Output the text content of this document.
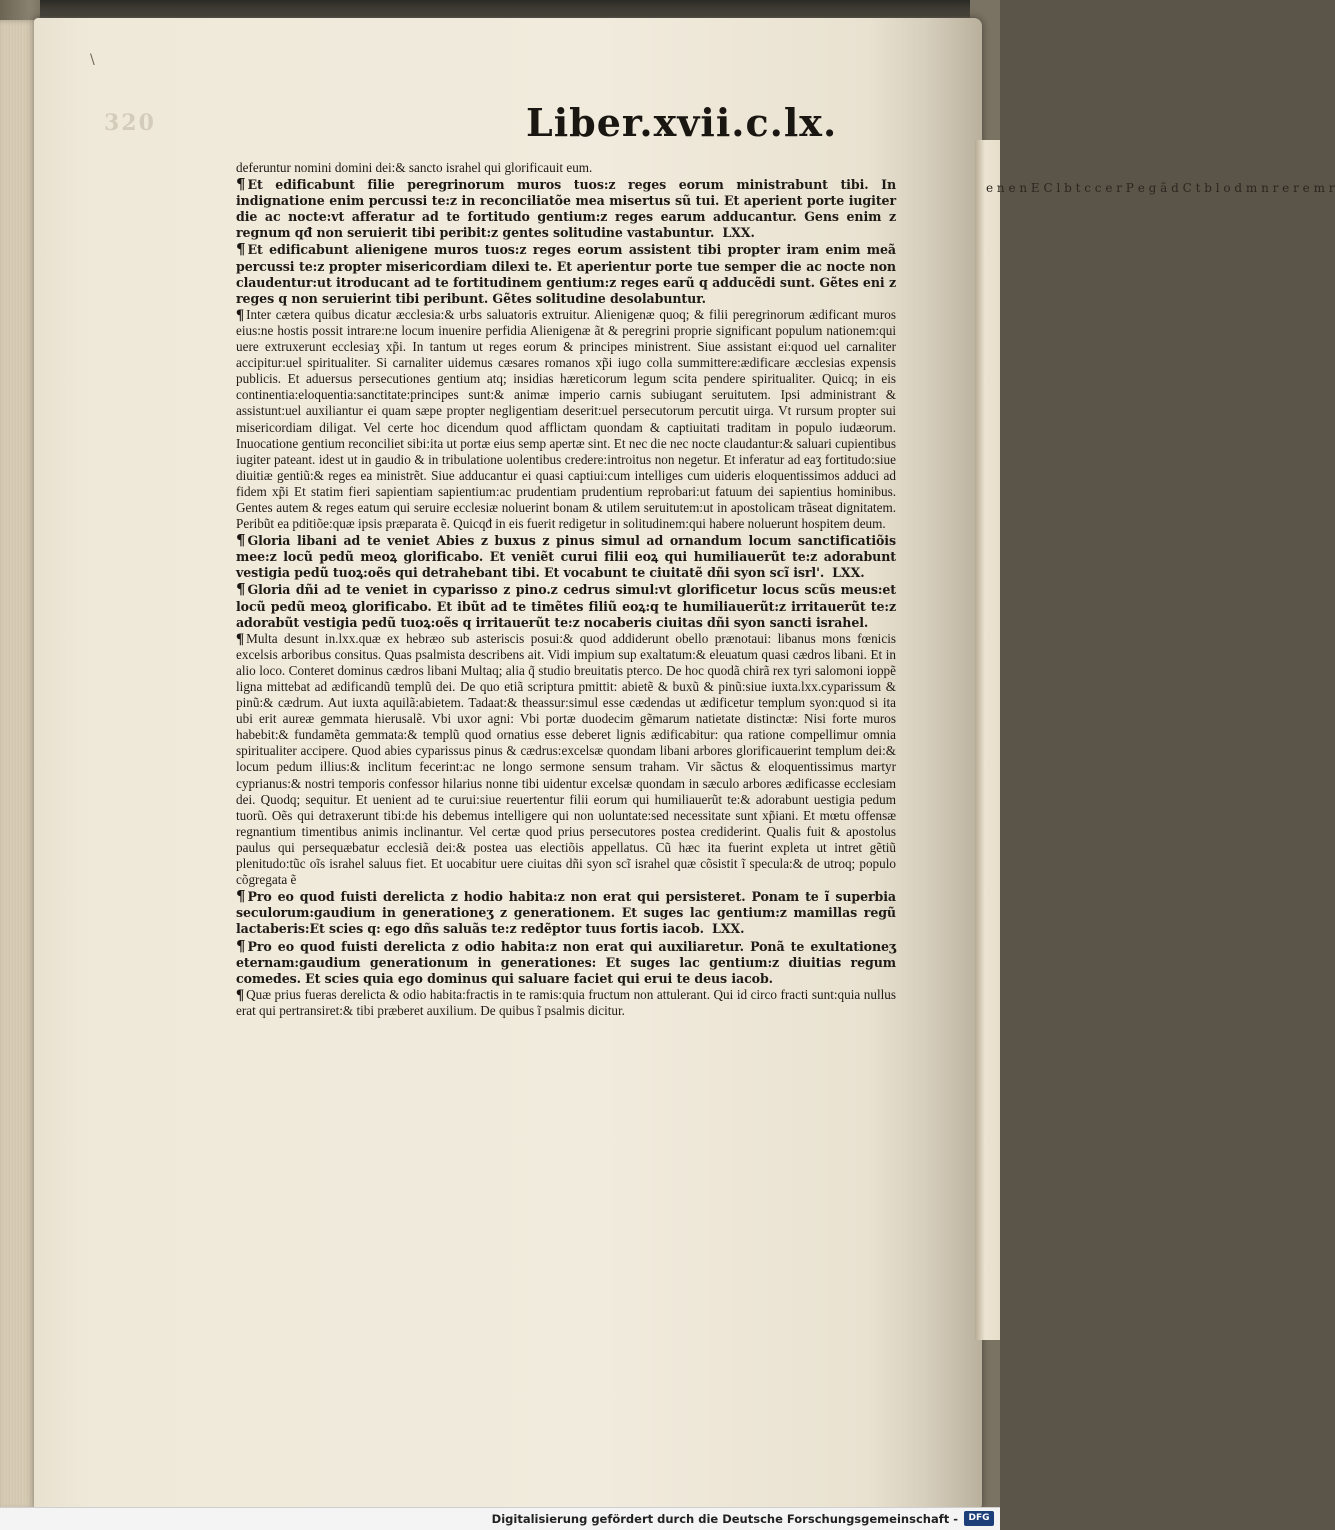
e n e n E C l b t c c e r P e g ã d C t b l o d m n r e r e m r
\
320	Liber.xvii.c.lx.

deferuntur nomini domini dei:& sancto israhel qui glorificauit eum.

¶ Et edificabunt filie peregrinorum muros tuos:z reges eorum ministrabunt tibi. In indignatione enim percussi te:z in reconciliatõe mea misertus sũ tui. Et aperient porte iugiter die ac nocte:vt afferatur ad te fortitudo gentium:z reges earum adducantur. Gens enim z regnum qđ non seruierit tibi peribit:z gentes solitudine vastabuntur. LXX.

¶ Et edificabunt alienigene muros tuos:z reges eorum assistent tibi propter iram enim meã percussi te:z propter misericordiam dilexi te. Et aperientur porte tue semper die ac nocte non claudentur:ut itroducant ad te fortitudinem gentium:z reges earũ q adducẽdi sunt. Gẽtes eni z reges q non seruierint tibi peribunt. Gẽtes solitudine desolabuntur.

¶ Inter cætera quibus dicatur æcclesia:& urbs saluatoris extruitur. Alienigenæ quoq; & filii peregrinorum ædificant muros eius:ne hostis possit intrare:ne locum inuenire perfidia Alienigenæ ãt & peregrini proprie significant populum nationem:qui uere extruxerunt ecclesiaʒ xp̃i. In tantum ut reges eorum & principes ministrent. Siue assistant ei:quod uel carnaliter accipitur:uel spiritualiter. Si carnaliter uidemus cæsares romanos xp̃i iugo colla summittere:ædificare æcclesias expensis publicis. Et aduersus persecutiones gentium atq; insidias hæreticorum legum scita pendere spiritualiter. Quicq; in eis continentia:eloquentia:sanctitate:principes sunt:& animæ imperio carnis subiugant seruitutem. Ipsi administrant & assistunt:uel auxiliantur ei quam sæpe propter negligentiam deserit:uel persecutorum percutit uirga. Vt rursum propter sui misericordiam diligat. Vel certe hoc dicendum quod afflictam quondam & captiuitati traditam in populo iudæorum. Inuocatione gentium reconciliet sibi:ita ut portæ eius semp apertæ sint. Et nec die nec nocte claudantur:& saluari cupientibus iugiter pateant. idest ut in gaudio & in tribulatione uolentibus credere:introitus non negetur. Et inferatur ad eaʒ fortitudo:siue diuitiæ gentiũ:& reges ea ministrẽt. Siue adducantur ei quasi captiui:cum intelliges cum uideris eloquentissimos adduci ad fidem xp̃i Et statim fieri sapientiam sapientium:ac prudentiam prudentium reprobari:ut fatuum dei sapientius hominibus. Gentes autem & reges eatum qui seruire ecclesiæ noluerint bonam & utilem seruitutem:ut in apostolicam trãseat dignitatem. Peribũt ea pditiõe:quæ ipsis præparata ẽ. Quicqđ in eis fuerit redigetur in solitudinem:qui habere noluerunt hospitem deum.

¶ Gloria libani ad te veniet Abies z buxus z pinus simul ad ornandum locum sanctificatiõis mee:z locũ pedũ meoꝝ glorificabo. Et veniẽt curui filii eoꝝ qui humiliauerũt te:z adorabunt vestigia pedũ tuoꝝ:oẽs qui detrahebant tibi. Et vocabunt te ciuitatẽ dñi syon scĩ isrl'. LXX.

¶ Gloria dñi ad te veniet in cyparisso z pino.z cedrus simul:vt glorificetur locus scũs meus:et locũ pedũ meoꝝ glorificabo. Et ibũt ad te timẽtes filiũ eoꝝ:q te humiliauerũt:z irritauerũt te:z adorabũt vestigia pedũ tuoꝝ:oẽs q irritauerũt te:z nocaberis ciuitas dñi syon sancti israhel.

¶ Multa desunt in.lxx.quæ ex hebræo sub asteriscis posui:& quod addiderunt obello prænotaui: libanus mons fœnicis excelsis arboribus consitus. Quas psalmista describens ait. Vidi impium sup exaltatum:& eleuatum quasi cædros libani. Et in alio loco. Conteret dominus cædros libani Multaq; alia q̃ studio breuitatis pterco. De hoc quodã chirã rex tyri salomoni ioppẽ ligna mittebat ad ædificandũ templũ dei. De quo etiã scriptura pmittit: abietẽ & buxũ & pinũ:siue iuxta.lxx.cyparissum & pinũ:& cædrum. Aut iuxta aquilã:abietem. Tadaat:& theassur:simul esse cædendas ut ædificetur templum syon:quod si ita ubi erit aureæ gemmata hierusalẽ. Vbi uxor agni: Vbi portæ duodecim gẽmarum natietate distinctæ: Nisi forte muros habebit:& fundamẽta gemmata:& templũ quod ornatius esse deberet lignis ædificabitur: qua ratione compellimur omnia spiritualiter accipere. Quod abies cyparissus pinus & cædrus:excelsæ quondam libani arbores glorificauerint templum dei:& locum pedum illius:& inclitum fecerint:ac ne longo sermone sensum traham. Vir sãctus & eloquentissimus martyr cyprianus:& nostri temporis confessor hilarius nonne tibi uidentur excelsæ quondam in sæculo arbores ædificasse ecclesiam dei. Quodq; sequitur. Et uenient ad te curui:siue reuertentur filii eorum qui humiliauerũt te:& adorabunt uestigia pedum tuorũ. Oẽs qui detraxerunt tibi:de his debemus intelligere qui non uoluntate:sed necessitate sunt xp̃iani. Et mœtu offensæ regnantium timentibus animis inclinantur. Vel certæ quod prius persecutores postea crediderint. Qualis fuit & apostolus paulus qui persequæbatur ecclesiã dei:& postea uas electiõis appellatus. Cũ hæc ita fuerint expleta ut intret gẽtiũ plenitudo:tũc oĩs israhel saluus fiet. Et uocabitur uere ciuitas dñi syon scĩ israhel quæ cõsistit ĩ specula:& de utroq; populo cõgregata ẽ

¶ Pro eo quod fuisti derelicta z hodio habita:z non erat qui persisteret. Ponam te ĩ superbia seculorum:gaudium in generationeʒ z generationem. Et suges lac gentium:z mamillas regũ lactaberis:Et scies q: ego dñs saluãs te:z redẽptor tuus fortis iacob. LXX.

¶ Pro eo quod fuisti derelicta z odio habita:z non erat qui auxiliaretur. Ponã te exultationeʒ eternam:gaudium generationum in generationes: Et suges lac gentium:z diuitias regum comedes. Et scies quia ego dominus qui saluare faciet qui erui te deus iacob.

¶ Quæ prius fueras derelicta & odio habita:fractis in te ramis:quia fructum non attulerant. Qui id circo fracti sunt:quia nullus erat qui pertransiret:& tibi præberet auxilium. De quibus ĩ psalmis dicitur.

Digitalisierung gefördert durch die Deutsche Forschungsgemeinschaft -	DFG
